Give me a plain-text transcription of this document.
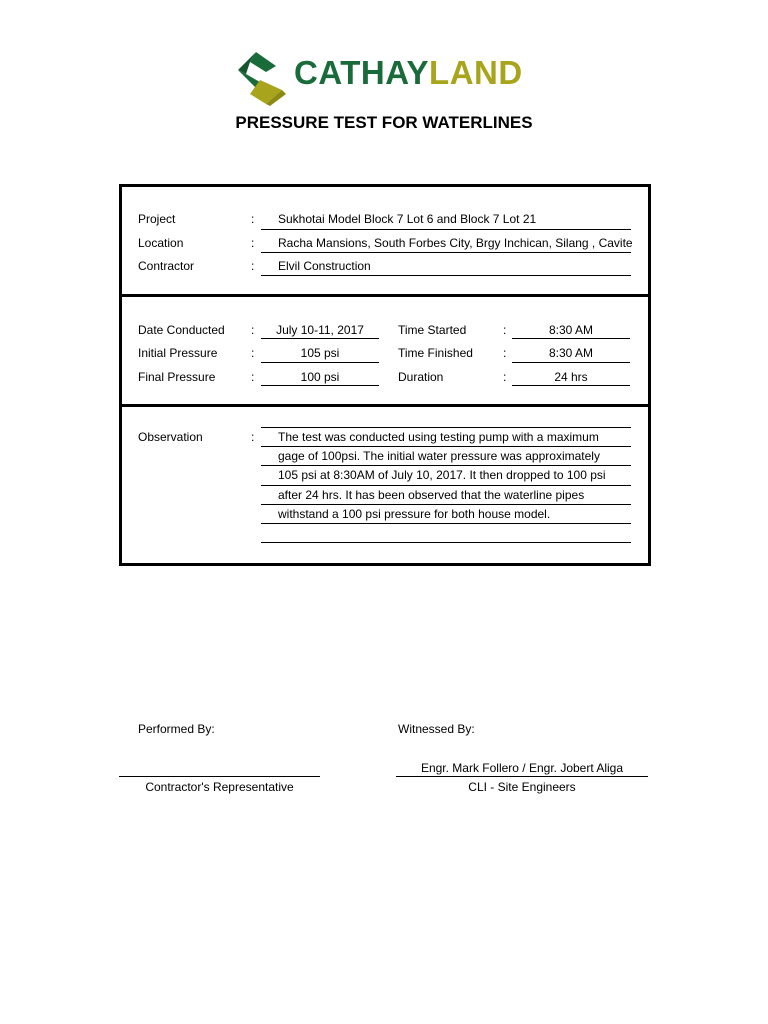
CATHAYLAND
PRESSURE TEST FOR WATERLINES
Project	: Sukhotai Model Block 7 Lot 6 and Block 7 Lot 21
Location	: Racha Mansions, South Forbes City, Brgy Inchican, Silang , Cavite
Contractor	: Elvil Construction
Date Conducted :	July 10-11, 2017
Initial Pressure	:	105 psi
Final Pressure	:	100 psi
Time Started	:	8:30 AM
Time Finished	:	8:30 AM
Duration	:	24 hrs
Observation	: The test was conducted using testing pump with a maximum
gage of 100psi. The initial water pressure was approximately
105 psi at 8:30AM of July 10, 2017. It then dropped to 100 psi
after 24 hrs. It has been observed that the waterline pipes
withstand a 100 psi pressure for both house model.
Performed By:
Contractor's Representative
Witnessed By:
Engr. Mark Follero / Engr. Jobert Aliga
CLI - Site Engineers
